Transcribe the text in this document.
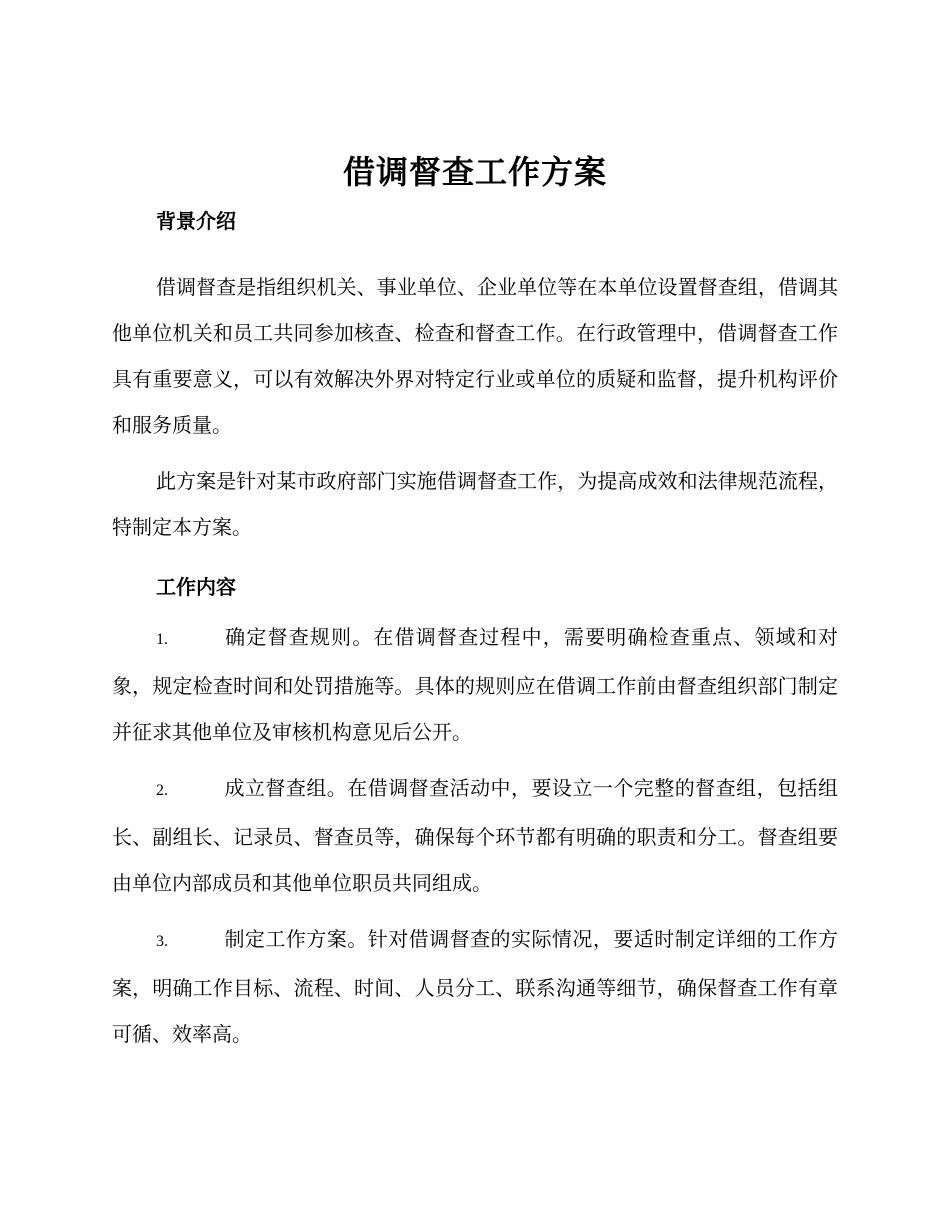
借调督查工作方案
背景介绍

借调督查是指组织机关、事业单位、企业单位等在本单位设置督查组，借调其他单位机关和员工共同参加核查、检查和督查工作。在行政管理中，借调督查工作具有重要意义，可以有效解决外界对特定行业或单位的质疑和监督，提升机构评价和服务质量。

此方案是针对某市政府部门实施借调督查工作，为提高成效和法律规范流程，特制定本方案。

工作内容
1.	确定督查规则。在借调督查过程中，需要明确检查重点、领域和对象，规定检查时间和处罚措施等。具体的规则应在借调工作前由督查组织部门制定并征求其他单位及审核机构意见后公开。
2.	成立督查组。在借调督查活动中，要设立一个完整的督查组，包括组长、副组长、记录员、督查员等，确保每个环节都有明确的职责和分工。督查组要由单位内部成员和其他单位职员共同组成。
3.	制定工作方案。针对借调督查的实际情况，要适时制定详细的工作方案，明确工作目标、流程、时间、人员分工、联系沟通等细节，确保督查工作有章可循、效率高。
